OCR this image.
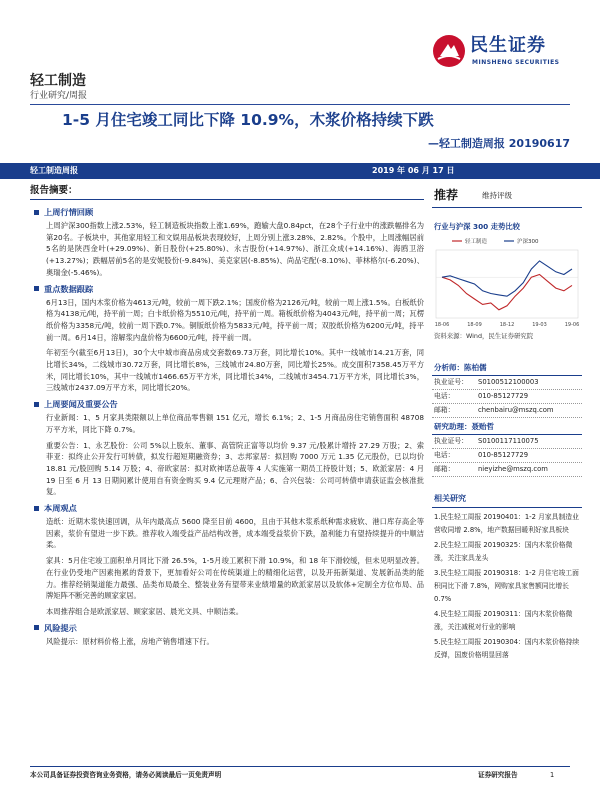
民生证券
MINSHENG SECURITIES
轻工制造
行业研究/周报
1-5 月住宅竣工同比下降 10.9%，木浆价格持续下跌
—轻工制造周报 20190617
轻工制造周报	2019 年 06 月 17 日
报告摘要：
上周行情回顾
上周沪深300指数上涨2.53%，轻工制造板块指数上涨1.69%，跑输大盘0.84pct，在28个子行业中的涨跌幅排名为第20名。子板块中，其他家用轻工和文娱用品板块表现较好，上周分别上涨3.28%、2.82%。个股中，上周涨幅居前5名的是陕西金叶(+29.09%)、新日股份(+25.80%)、永吉股份(+14.97%)、浙江众成(+14.16%)、海鸥卫浴(+13.27%)；跌幅居前5名的是安妮股份(-9.84%)、美克家居(-8.85%)、尚品宅配(-8.10%)、菲林格尔(-6.20%)、奥瑞金(-5.46%)。
重点数据跟踪
6月13日，国内木浆价格为4613元/吨，较前一周下跌2.1%；国废价格为2126元/吨，较前一周上涨1.5%。白板纸价格为4138元/吨，持平前一周；白卡纸价格为5510元/吨，持平前一周。箱板纸价格为4043元/吨，持平前一周；瓦楞纸价格为3358元/吨，较前一周下跌0.7%。铜版纸价格为5833元/吨，持平前一周；双胶纸价格为6200元/吨，持平前一周。6月14日，溶解浆内盘价格为6600元/吨，持平前一周。
年初至今(截至6月13日)，30个大中城市商品房成交套数69.73万套，同比增长10%。其中一线城市14.21万套，同比增长34%，二线城市30.72万套，同比增长8%，三线城市24.80万套，同比增长25%。成交面积7358.45万平方米，同比增长10%，其中一线城市1466.65万平方米，同比增长34%，二线城市3454.71万平方米，同比增长3%，三线城市2437.09万平方米，同比增长20%。
上周要闻及重要公告
行业新闻：1、5 月家具类限额以上单位商品零售额 151 亿元，增长 6.1%；2、1-5 月商品房住宅销售面积 48708 万平方米，同比下降 0.7%。
重要公告：1、永艺股份：公司 5%以上股东、董事、高管院正富等以均价 9.37 元/股累计增持 27.29 万股；2、索菲亚：拟终止公开发行可转债，拟发行超短期融资券；3、志邦家居：拟回购 7000 万元 1.35 亿元股份，已以均价 18.81 元/股回购 5.14 万股；4、帝欧家居：拟对欧神诺总裁等 4 人实施第一期员工持股计划；5、欧派家居：4 月 19 日至 6 月 13 日期间累计使用自有资金购买 9.4 亿元理财产品；6、合兴包装：公司可转债申请获证监会核准批复。
本周观点
造纸：近期木浆快速回调，从年内最高点 5600 降至目前 4600，且由于其他木浆系纸种需求疲软、港口库存高企等因素，浆价有望进一步下跌。推荐收入端受益产品结构改善，成本端受益浆价下跌，盈利能力有望持续提升的中顺洁柔。
家具：5月住宅竣工面积单月同比下滑 26.5%，1-5月竣工累积下滑 10.9%，和 18 年下滑较缓，但未见明显改善。在行业仍受地产因素拖累的背景下，更加看好公司在传统渠道上的精细化运营，以及开拓新渠道、发展新品类的能力。推荐经销渠道能力最强、品类布局最全、整装业务有望带来业绩增量的欧派家居以及软体+定制全方位布局、品牌矩阵不断完善的顾家家居。
本周推荐组合是欧派家居、顾家家居、晨光文具、中顺洁柔。
风险提示
风险提示：原材料价格上涨，房地产销售增速下行。
推荐	维持评级
行业与沪深 300 走势比较
轻工制造	沪深300
18-06	18-09	18-12	19-03	19-06
资料来源：Wind，民生证券研究院
分析师：陈柏儒
执业证号：	S0100512100003
电话：	010-85127729
邮箱：	chenbairu@mszq.com
研究助理：聂贻哲
执业证号：	S0100117110075
电话：	010-85127729
邮箱：	nieyizhe@mszq.com
相关研究
1.民生轻工周报 20190401：1-2 月家具制造业营收同增 2.8%，地产数据回暖利好家具板块
2.民生轻工周报 20190325：国内木浆价格微涨，关注家具龙头
3.民生轻工周报 20190318：1-2 月住宅竣工面积同比下滑 7.8%，网购家具家售额同比增长 0.7%
4.民生轻工周报 20190311：国内木浆价格微涨，关注减税对行业的影响
5.民生轻工周报 20190304：国内木浆价格持续反弹，国废价格明显回落
本公司具备证券投资咨询业务资格，请务必阅读最后一页免责声明	证券研究报告	1
